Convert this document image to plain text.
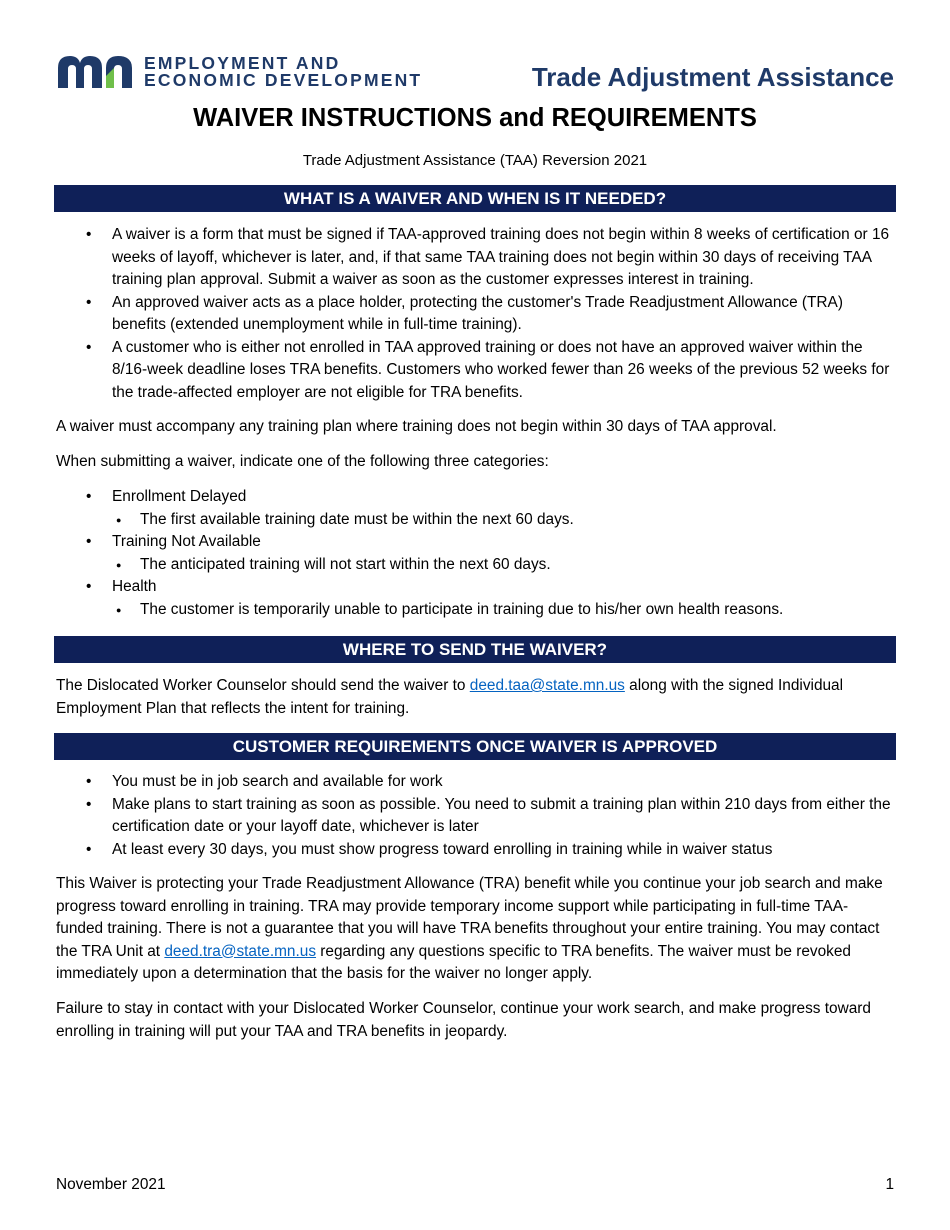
EMPLOYMENT AND
ECONOMIC DEVELOPMENT	Trade Adjustment Assistance
WAIVER INSTRUCTIONS and REQUIREMENTS
Trade Adjustment Assistance (TAA) Reversion 2021
WHAT IS A WAIVER AND WHEN IS IT NEEDED?
• A waiver is a form that must be signed if TAA-approved training does not begin within 8 weeks of certification or 16 weeks of layoff, whichever is later, and, if that same TAA training does not begin within 30 days of receiving TAA training plan approval. Submit a waiver as soon as the customer expresses interest in training.
• An approved waiver acts as a place holder, protecting the customer's Trade Readjustment Allowance (TRA) benefits (extended unemployment while in full-time training).
• A customer who is either not enrolled in TAA approved training or does not have an approved waiver within the 8/16-week deadline loses TRA benefits. Customers who worked fewer than 26 weeks of the previous 52 weeks for the trade-affected employer are not eligible for TRA benefits.

A waiver must accompany any training plan where training does not begin within 30 days of TAA approval.

When submitting a waiver, indicate one of the following three categories:

• Enrollment Delayed
● The first available training date must be within the next 60 days.
• Training Not Available
● The anticipated training will not start within the next 60 days.
• Health
● The customer is temporarily unable to participate in training due to his/her own health reasons.
WHERE TO SEND THE WAIVER?

The Dislocated Worker Counselor should send the waiver to deed.taa@state.mn.us along with the signed Individual Employment Plan that reflects the intent for training.

CUSTOMER REQUIREMENTS ONCE WAIVER IS APPROVED
• You must be in job search and available for work
• Make plans to start training as soon as possible. You need to submit a training plan within 210 days from either the certification date or your layoff date, whichever is later
• At least every 30 days, you must show progress toward enrolling in training while in waiver status

This Waiver is protecting your Trade Readjustment Allowance (TRA) benefit while you continue your job search and make progress toward enrolling in training. TRA may provide temporary income support while participating in full-time TAA-funded training. There is not a guarantee that you will have TRA benefits throughout your entire training. You may contact the TRA Unit at deed.tra@state.mn.us regarding any questions specific to TRA benefits. The waiver must be revoked immediately upon a determination that the basis for the waiver no longer apply.

Failure to stay in contact with your Dislocated Worker Counselor, continue your work search, and make progress toward enrolling in training will put your TAA and TRA benefits in jeopardy.

November 2021	1
